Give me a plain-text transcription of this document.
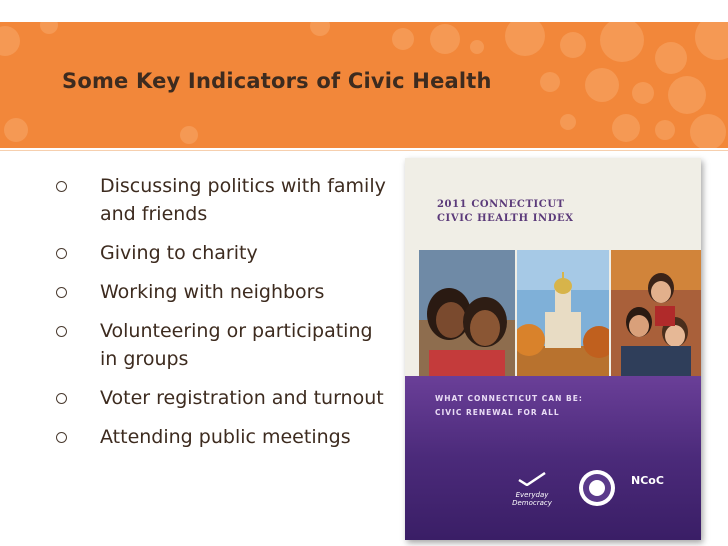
Some Key Indicators of Civic Health
Discussing politics with family and friends
Giving to charity
Working with neighbors
Volunteering or participating in groups
Voter registration and turnout
Attending public meetings
2011 CONNECTICUT
CIVIC HEALTH INDEX
WHAT CONNECTICUT CAN BE:
CIVIC RENEWAL FOR ALL
Everyday
Democracy
NCoC
